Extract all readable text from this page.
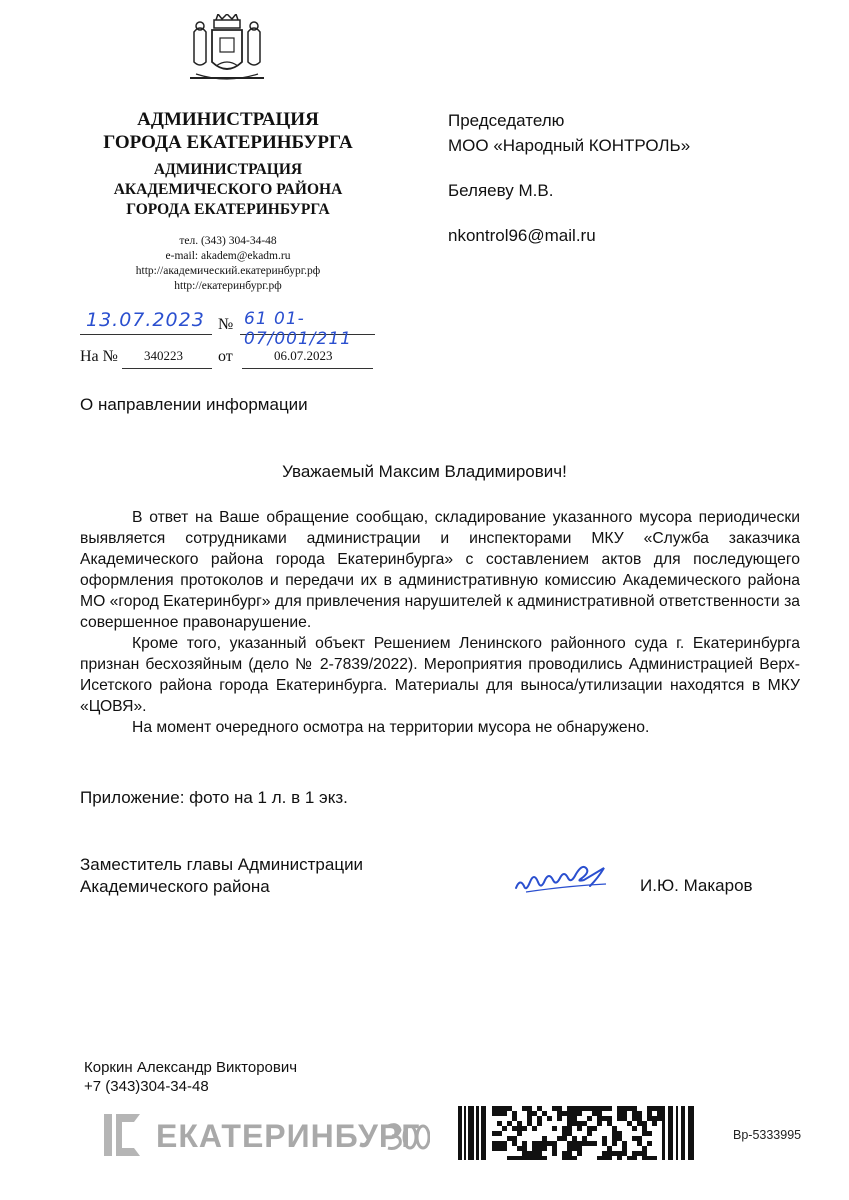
АДМИНИСТРАЦИЯ
ГОРОДА ЕКАТЕРИНБУРГА
АДМИНИСТРАЦИЯ
АКАДЕМИЧЕСКОГО РАЙОНА
ГОРОДА ЕКАТЕРИНБУРГА
тел. (343) 304-34-48
e-mail: akadem@ekadm.ru
http://академический.екатеринбург.рф
http://екатеринбург.рф

Председателю

МОО «Народный КОНТРОЛЬ»

Беляеву М.В.

nkontrol96@mail.ru

13.07.2023 № 61 01-07/001/211
На № 340223 от	06.07.2023
О направлении информации
Уважаемый Максим Владимирович!

В ответ на Ваше обращение сообщаю, складирование указанного мусора периодически выявляется сотрудниками администрации и инспекторами МКУ «Служба заказчика Академического района города Екатеринбурга» с составлением актов для последующего оформления протоколов и передачи их в административную комиссию Академического района МО «город Екатеринбург» для привлечения нарушителей к административной ответственности за совершенное правонарушение.

Кроме того, указанный объект Решением Ленинского районного суда г. Екатеринбурга признан бесхозяйным (дело № 2-7839/2022). Мероприятия проводились Администрацией Верх-Исетского района города Екатеринбурга. Материалы для выноса/утилизации находятся в МКУ «ЦОВЯ».

На момент очередного осмотра на территории мусора не обнаружено.

Приложение: фото на 1 л. в 1 экз.
Заместитель главы Администрации
Академического района	И.Ю. Макаров
Коркин Александр Викторович
+7 (343)304-34-48
ЕКАТЕРИНБУРГ	Вр-5333995
